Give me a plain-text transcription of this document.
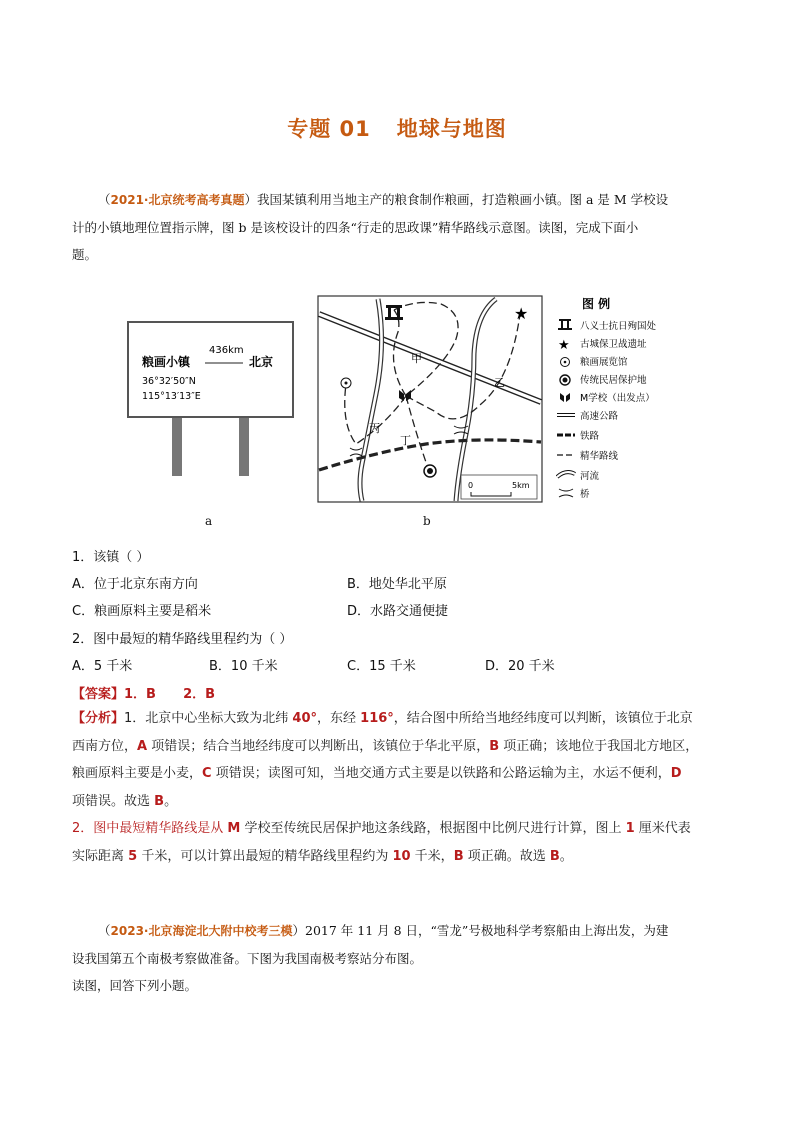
专题 01 地球与地图
（2021·北京统考高考真题）我国某镇利用当地主产的粮食制作粮画，打造粮画小镇。图 a 是 M 学校设
计的小镇地理位置指示牌，图 b 是该校设计的四条“行走的思政课”精华路线示意图。读图，完成下面小
题。
粮画小镇
436km
北京
36°32′50″N
115°13′13″E
a
★
甲
乙
丙
丁
0	5km
b
图 例
★
八义士抗日殉国处
古城保卫战遗址
粮画展览馆
传统民居保护地
M学校（出发点）
高速公路
铁路
精华路线
河流
桥
1．该镇（ ）
A．位于北京东南方向	B．地处华北平原
C．粮画原料主要是稻米	D．水路交通便捷
2．图中最短的精华路线里程约为（ ）
A．5 千米	B．10 千米	C．15 千米	D．20 千米
【答案】1．B      2．B
【分析】1．北京中心坐标大致为北纬 40°，东经 116°，结合图中所给当地经纬度可以判断，该镇位于北京
西南方位，A 项错误；结合当地经纬度可以判断出，该镇位于华北平原，B 项正确；该地位于我国北方地区，
粮画原料主要是小麦，C 项错误；读图可知，当地交通方式主要是以铁路和公路运输为主，水运不便利，D
项错误。故选 B。
2．图中最短精华路线是从 M 学校至传统民居保护地这条线路，根据图中比例尺进行计算，图上 1 厘米代表
实际距离 5 千米，可以计算出最短的精华路线里程约为 10 千米，B 项正确。故选 B。
（2023·北京海淀北大附中校考三模）2017 年 11 月 8 日，“雪龙”号极地科学考察船由上海出发，为建
设我国第五个南极考察做准备。下图为我国南极考察站分布图。
读图，回答下列小题。
